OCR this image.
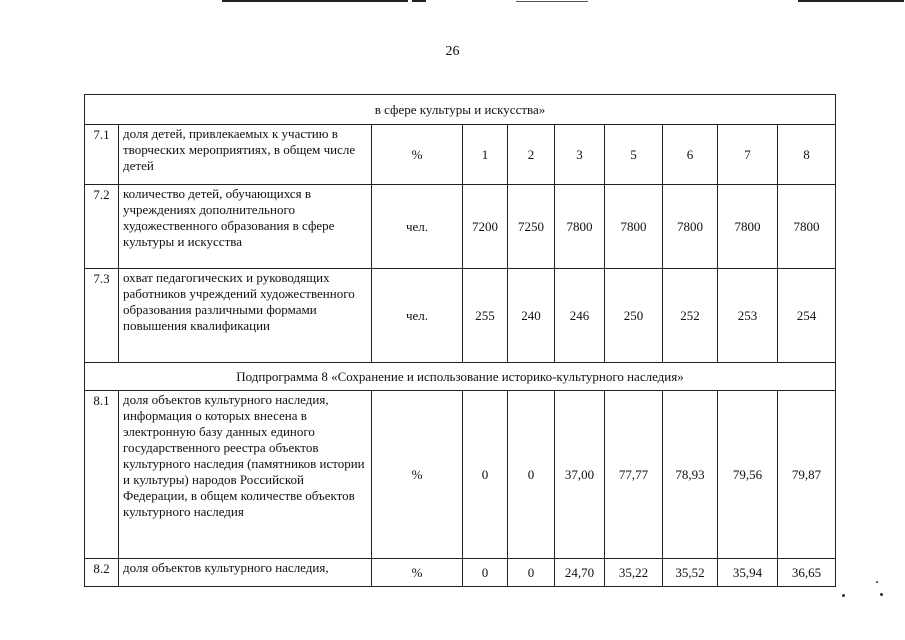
26
в сфере культуры и искусства»									
7.1	доля детей, привлекаемых к участию в творческих мероприятиях, в общем числе детей	%	1	2	3	5	6	7	8
7.2	количество детей, обучающихся в учреждениях дополнительного художественного образования в сфере культуры и искусства	чел.	7200	7250	7800	7800	7800	7800	7800
7.3	охват педагогических и руководящих работников учреждений художественного образования различными формами повышения квалификации	чел.	255	240	246	250	252	253	254
Подпрограмма 8 «Сохранение и использование историко-культурного наследия»									
8.1	доля объектов культурного наследия, информация о которых внесена в электронную базу данных единого государственного реестра объектов культурного наследия (памятников истории и культуры) народов Российской Федерации, в общем количестве объектов культурного наследия	%	0	0	37,00	77,77	78,93	79,56	79,87
8.2	доля объектов культурного наследия,	%	0	0	24,70	35,22	35,52	35,94	36,65
